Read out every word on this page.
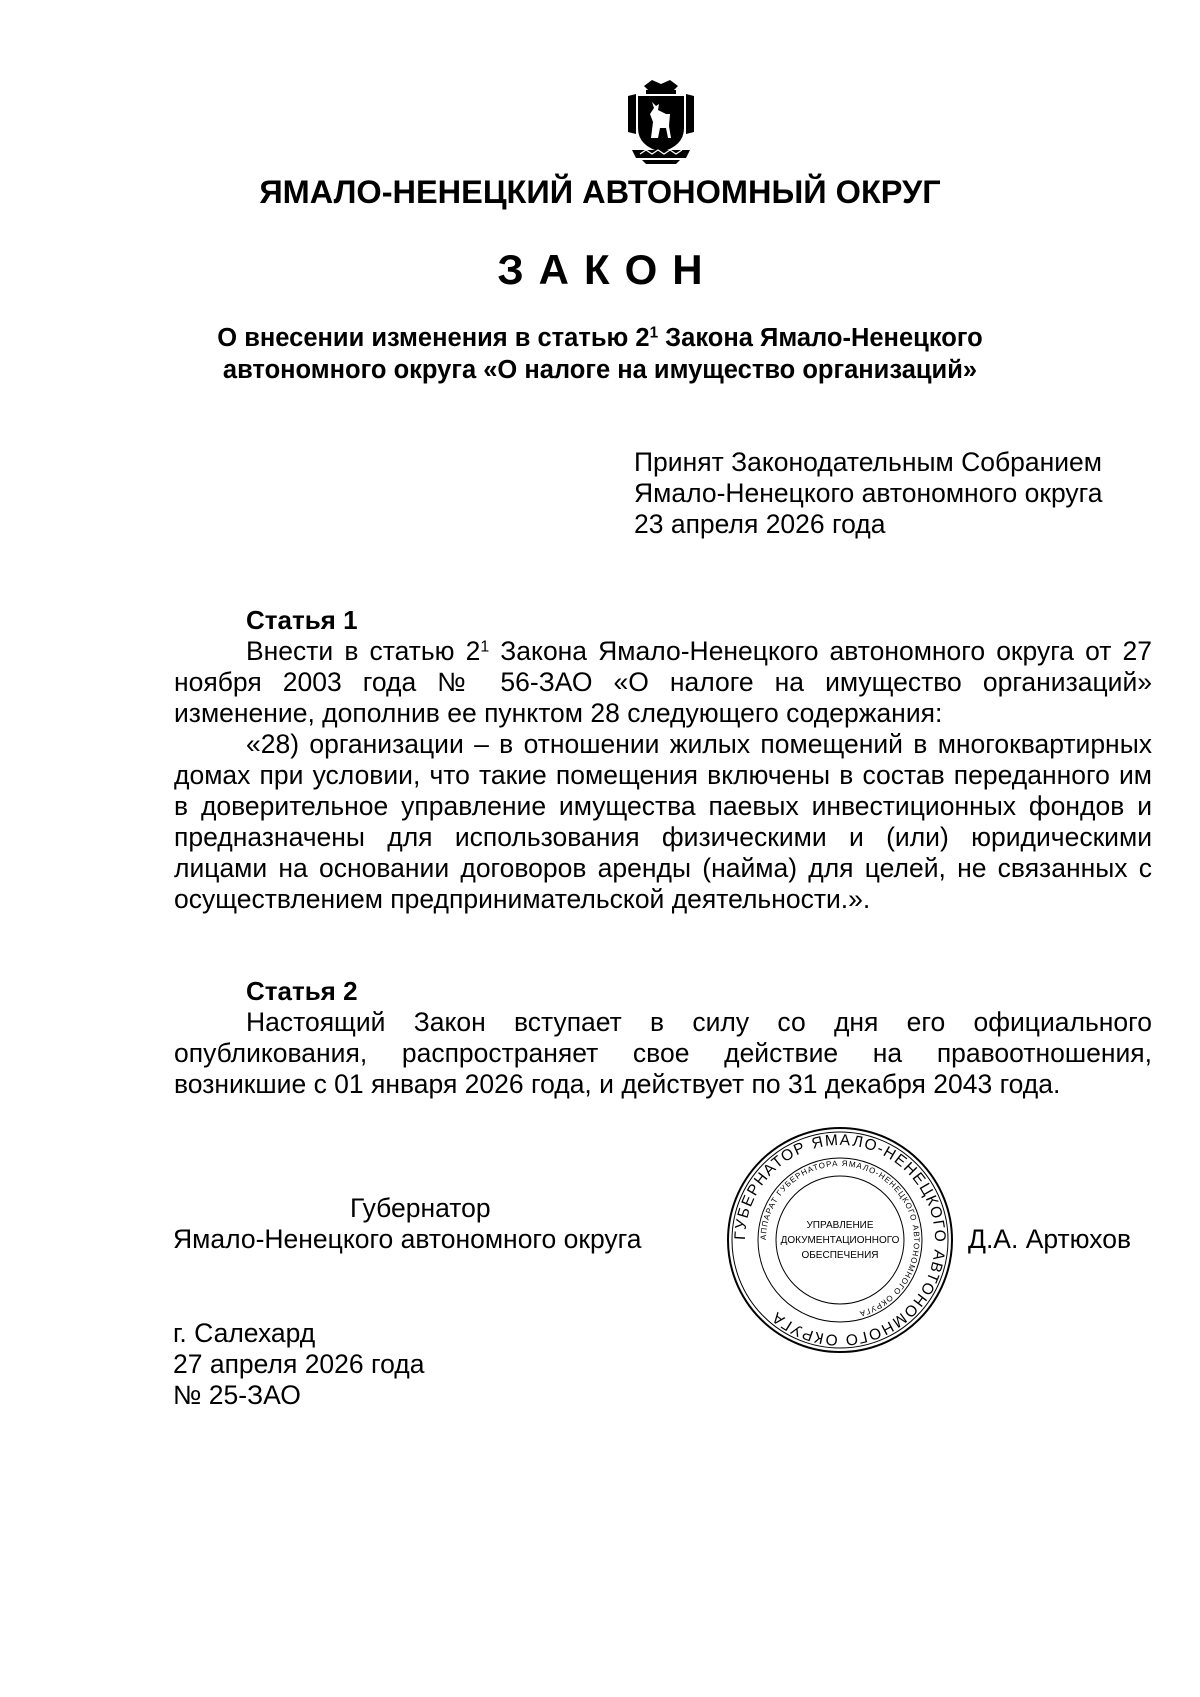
ЯМАЛО-НЕНЕЦКИЙ АВТОНОМНЫЙ ОКРУГ
ЗАКОН
О внесении изменения в статью $2^1$ Закона Ямало-Ненецкого
автономного округа «О налоге на имущество организаций»
Принят Законодательным Собранием
Ямало-Ненецкого автономного округа
23 апреля 2026 года
Статья 1
Внести в статью $2^1$ Закона Ямало-Ненецкого автономного округа от 27 ноября 2003 года № 56-ЗАО «О налоге на имущество организаций» изменение, дополнив ее пунктом 28 следующего содержания:
«28) организации – в отношении жилых помещений в многоквартирных домах при условии, что такие помещения включены в состав переданного им в доверительное управление имущества паевых инвестиционных фондов и предназначены для использования физическими и (или) юридическими лицами на основании договоров аренды (найма) для целей, не связанных с осуществлением предпринимательской деятельности.».
Статья 2
Настоящий Закон вступает в силу со дня его официального опубликования, распространяет свое действие на правоотношения, возникшие с 01 января 2026 года, и действует по 31 декабря 2043 года.
Губернатор
Ямало-Ненецкого автономного округа	Д.А. Артюхов
ГУБЕРНАТОР ЯМАЛО-НЕНЕЦКОГО АВТОНОМНОГО ОКРУГА
АППАРАТ ГУБЕРНАТОРА ЯМАЛО-НЕНЕЦКОГО АВТОНОМНОГО ОКРУГА
УПРАВЛЕНИЕ
ДОКУМЕНТАЦИОННОГО
ОБЕСПЕЧЕНИЯ
г. Салехард
27 апреля 2026 года
№ 25-ЗАО
